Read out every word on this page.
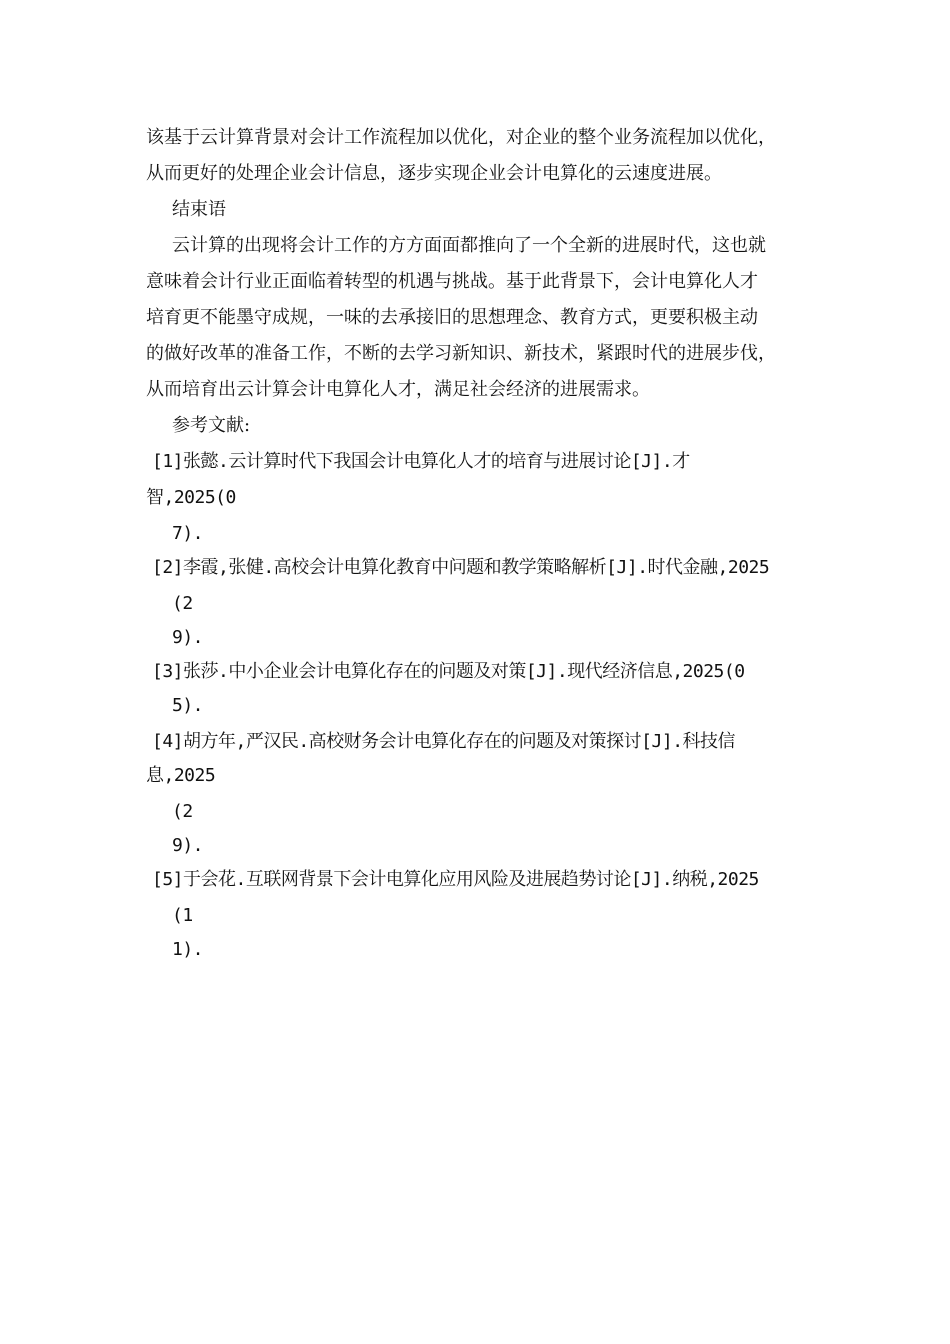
该基于云计算背景对会计工作流程加以优化，对企业的整个业务流程加以优化，
从而更好的处理企业会计信息，逐步实现企业会计电算化的云速度进展。
结束语
云计算的出现将会计工作的方方面面都推向了一个全新的进展时代，这也就
意味着会计行业正面临着转型的机遇与挑战。基于此背景下，会计电算化人才
培育更不能墨守成规，一味的去承接旧的思想理念、教育方式，更要积极主动
的做好改革的准备工作，不断的去学习新知识、新技术，紧跟时代的进展步伐，
从而培育出云计算会计电算化人才，满足社会经济的进展需求。
参考文献:
[1]张懿.云计算时代下我国会计电算化人才的培育与进展讨论[J].才
智,2025(0
7).
[2]李霞,张健.高校会计电算化教育中问题和教学策略解析[J].时代金融,2025
(2
9).
[3]张莎.中小企业会计电算化存在的问题及对策[J].现代经济信息,2025(0
5).
[4]胡方年,严汉民.高校财务会计电算化存在的问题及对策探讨[J].科技信
息,2025
(2
9).
[5]于会花.互联网背景下会计电算化应用风险及进展趋势讨论[J].纳税,2025
(1
1).
